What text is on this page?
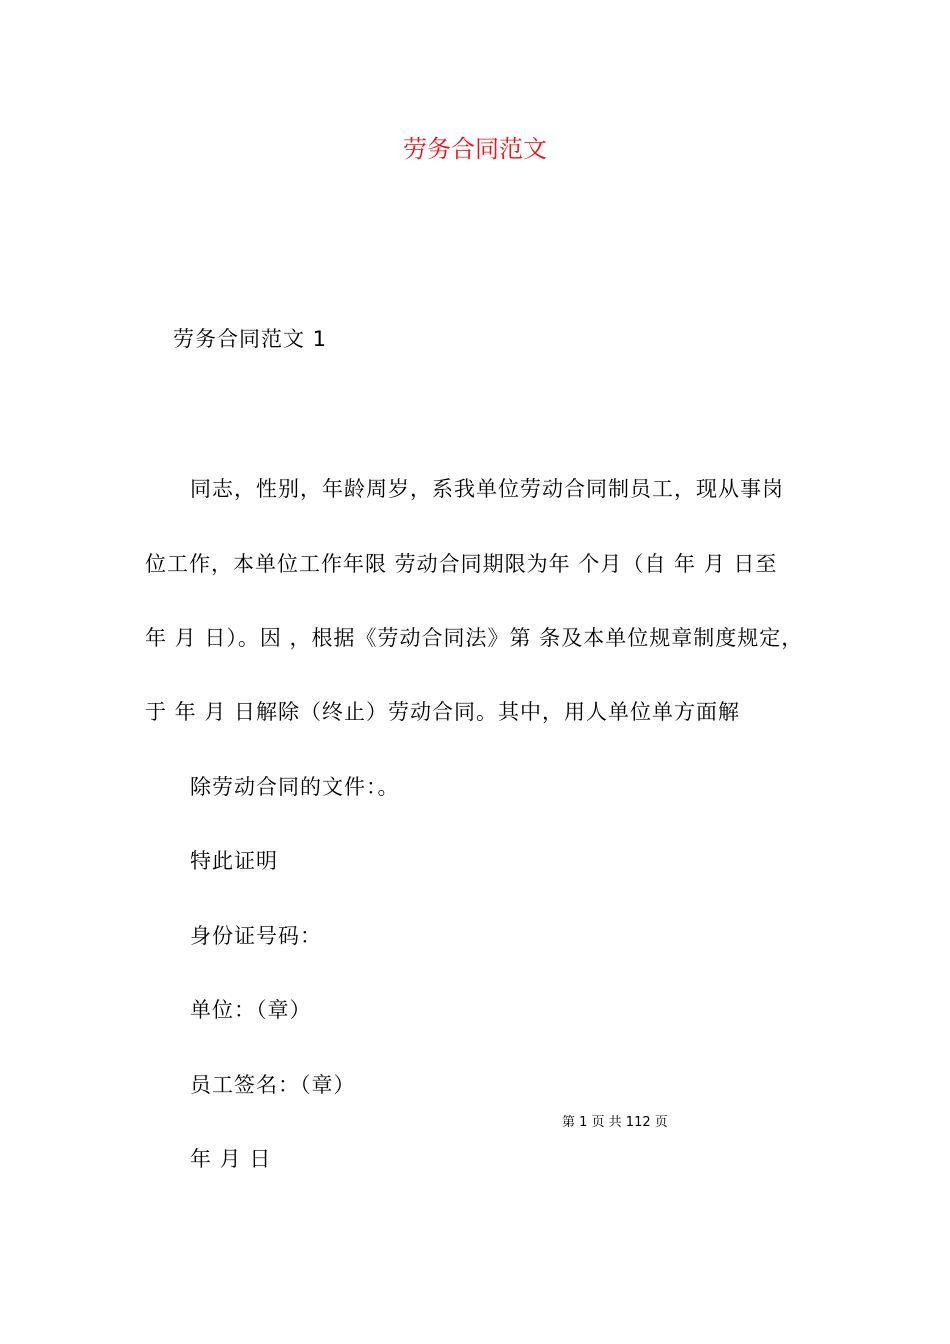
劳务合同范文
劳务合同范文 1
同志，性别，年龄周岁，系我单位劳动合同制员工，现从事岗
位工作，本单位工作年限 劳动合同期限为年 个月（自 年 月 日至
年 月 日）。因 ，根据《劳动合同法》第 条及本单位规章制度规定，
于 年 月 日解除（终止）劳动合同。其中，用人单位单方面解
除劳动合同的文件：。
特此证明
身份证号码：
单位：（章）
员工签名：（章）
年 月 日
第 1 页 共 112 页
